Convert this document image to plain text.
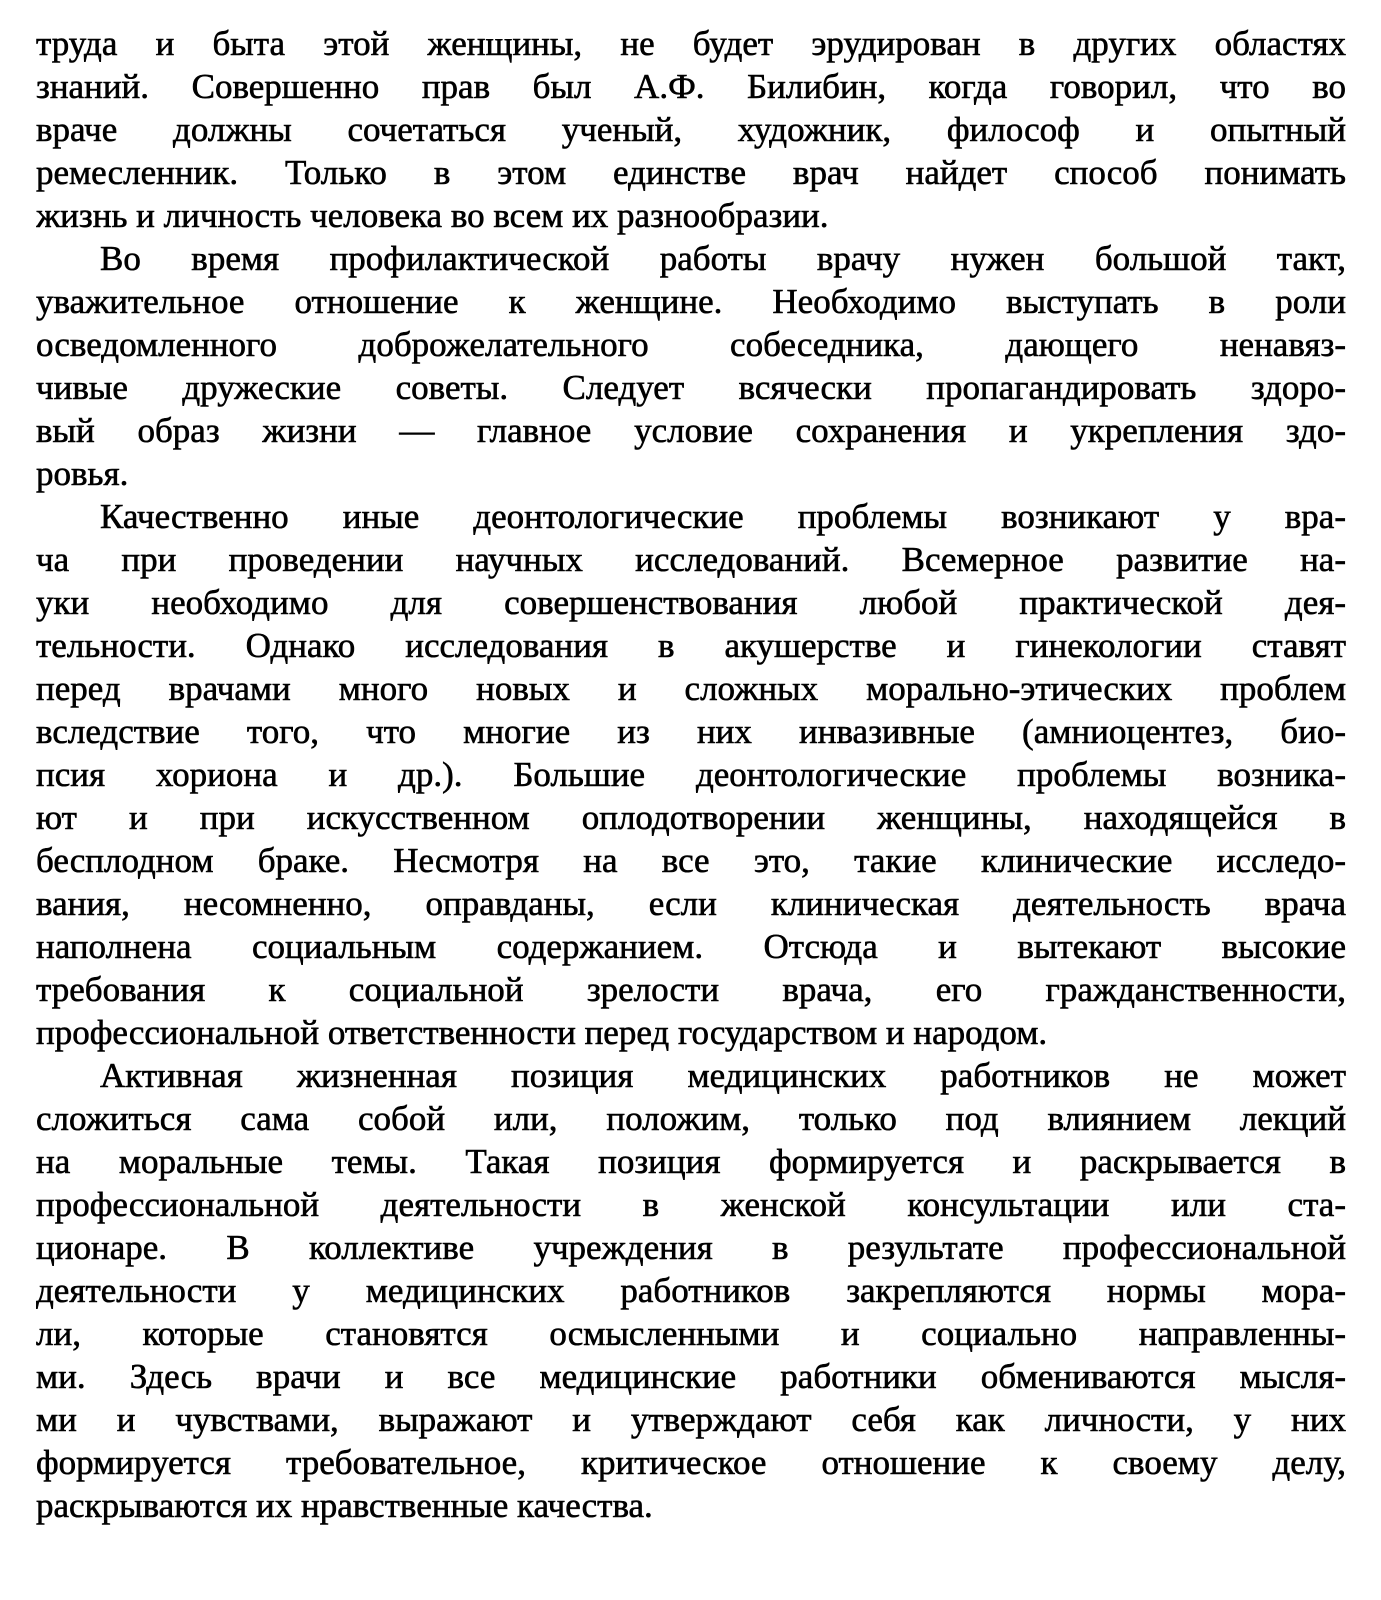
труда и быта этой женщины, не будет эрудирован в других областях
знаний. Совершенно прав был А.Ф. Билибин, когда говорил, что во
враче должны сочетаться ученый, художник, философ и опытный
ремесленник. Только в этом единстве врач найдет способ понимать
жизнь и личность человека во всем их разнообразии.
Во время профилактической работы врачу нужен большой такт,
уважительное отношение к женщине. Необходимо выступать в роли
осведомленного доброжелательного собеседника, дающего ненавяз-
чивые дружеские советы. Следует всячески пропагандировать здоро-
вый образ жизни — главное условие сохранения и укрепления здо-
ровья.
Качественно иные деонтологические проблемы возникают у вра-
ча при проведении научных исследований. Всемерное развитие на-
уки необходимо для совершенствования любой практической дея-
тельности. Однако исследования в акушерстве и гинекологии ставят
перед врачами много новых и сложных морально-этических проблем
вследствие того, что многие из них инвазивные (амниоцентез, био-
псия хориона и др.). Большие деонтологические проблемы возника-
ют и при искусственном оплодотворении женщины, находящейся в
бесплодном браке. Несмотря на все это, такие клинические исследо-
вания, несомненно, оправданы, если клиническая деятельность врача
наполнена социальным содержанием. Отсюда и вытекают высокие
требования к социальной зрелости врача, его гражданственности,
профессиональной ответственности перед государством и народом.
Активная жизненная позиция медицинских работников не может
сложиться сама собой или, положим, только под влиянием лекций
на моральные темы. Такая позиция формируется и раскрывается в
профессиональной деятельности в женской консультации или ста-
ционаре. В коллективе учреждения в результате профессиональной
деятельности у медицинских работников закрепляются нормы мора-
ли, которые становятся осмысленными и социально направленны-
ми. Здесь врачи и все медицинские работники обмениваются мысля-
ми и чувствами, выражают и утверждают себя как личности, у них
формируется требовательное, критическое отношение к своему делу,
раскрываются их нравственные качества.
